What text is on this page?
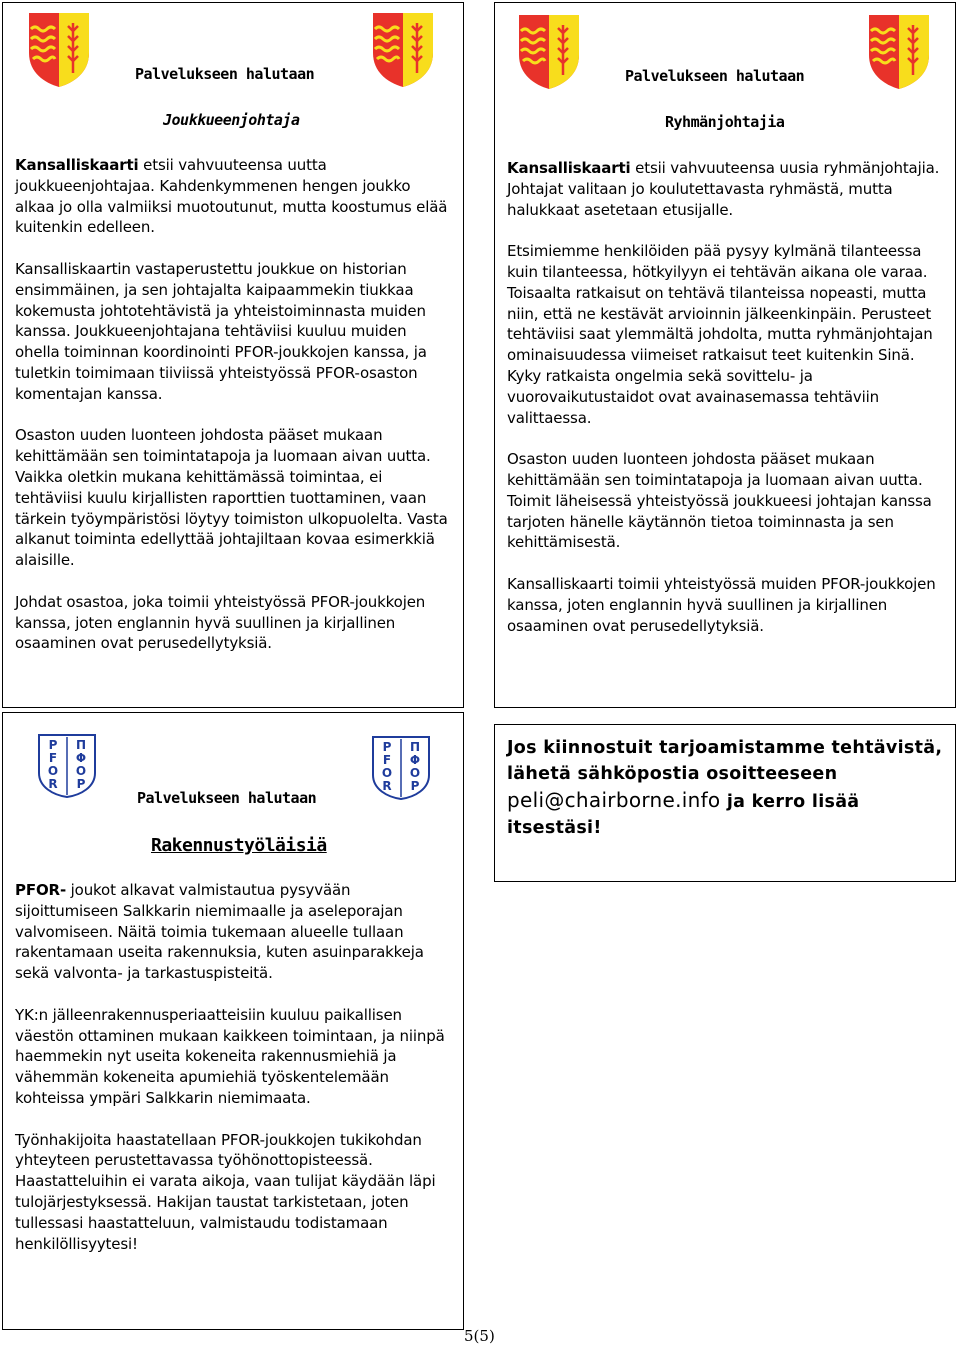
Palvelukseen halutaan
Joukkueenjohtaja

Kansalliskaarti etsii vahvuuteensa uutta joukkueenjohtajaa. Kahdenkymmenen hengen joukko alkaa jo olla valmiiksi muotoutunut, mutta koostumus elää kuitenkin edelleen.

Kansalliskaartin vastaperustettu joukkue on historian ensimmäinen, ja sen johtajalta kaipaammekin tiukkaa kokemusta johtotehtävistä ja yhteistoiminnasta muiden kanssa. Joukkueenjohtajana tehtäviisi kuuluu muiden ohella toiminnan koordinointi PFOR-joukkojen kanssa, ja tuletkin toimimaan tiiviissä yhteistyössä PFOR-osaston komentajan kanssa.

Osaston uuden luonteen johdosta pääset mukaan kehittämään sen toimintatapoja ja luomaan aivan uutta. Vaikka oletkin mukana kehittämässä toimintaa, ei tehtäviisi kuulu kirjallisten raporttien tuottaminen, vaan tärkein työympäristösi löytyy toimiston ulkopuolelta. Vasta alkanut toiminta edellyttää johtajiltaan kovaa esimerkkiä alaisille.

Johdat osastoa, joka toimii yhteistyössä PFOR-joukkojen kanssa, joten englannin hyvä suullinen ja kirjallinen osaaminen ovat perusedellytyksiä.

Palvelukseen halutaan
Ryhmänjohtajia

Kansalliskaarti etsii vahvuuteensa uusia ryhmänjohtajia. Johtajat valitaan jo koulutettavasta ryhmästä, mutta halukkaat asetetaan etusijalle.

Etsimiemme henkilöiden pää pysyy kylmänä tilanteessa kuin tilanteessa, hötkyilyyn ei tehtävän aikana ole varaa. Toisaalta ratkaisut on tehtävä tilanteissa nopeasti, mutta niin, että ne kestävät arvioinnin jälkeenkinpäin. Perusteet tehtäviisi saat ylemmältä johdolta, mutta ryhmänjohtajan ominaisuudessa viimeiset ratkaisut teet kuitenkin Sinä. Kyky ratkaista ongelmia sekä sovittelu- ja vuorovaikutustaidot ovat avainasemassa tehtäviin valittaessa.

Osaston uuden luonteen johdosta pääset mukaan kehittämään sen toimintatapoja ja luomaan aivan uutta. Toimit läheisessä yhteistyössä joukkueesi johtajan kanssa tarjoten hänelle käytännön tietoa toiminnasta ja sen kehittämisestä.

Kansalliskaarti toimii yhteistyössä muiden PFOR-joukkojen kanssa, joten englannin hyvä suullinen ja kirjallinen osaaminen ovat perusedellytyksiä.

P
F
O
R
Π
Φ
Ο
Ρ
P
F
O
R
Π
Φ
Ο
Ρ
Palvelukseen halutaan
Rakennustyöläisiä

PFOR- joukot alkavat valmistautua pysyvään sijoittumiseen Salkkarin niemimaalle ja aseleporajan valvomiseen. Näitä toimia tukemaan alueelle tullaan rakentamaan useita rakennuksia, kuten asuinparakkeja sekä valvonta- ja tarkastuspisteitä.

YK:n jälleenrakennusperiaatteisiin kuuluu paikallisen väestön ottaminen mukaan kaikkeen toimintaan, ja niinpä haemmekin nyt useita kokeneita rakennusmiehiä ja vähemmän kokeneita apumiehiä työskentelemään kohteissa ympäri Salkkarin niemimaata.

Työnhakijoita haastatellaan PFOR-joukkojen tukikohdan yhteyteen perustettavassa työhönottopisteessä. Haastatteluihin ei varata aikoja, vaan tulijat käydään läpi tulojärjestyksessä. Hakijan taustat tarkistetaan, joten tullessasi haastatteluun, valmistaudu todistamaan henkilöllisyytesi!

Jos kiinnostuit tarjoamistamme tehtävistä, lähetä sähköpostia osoitteeseen peli@chairborne.info ja kerro lisää itsestäsi!
5(5)
